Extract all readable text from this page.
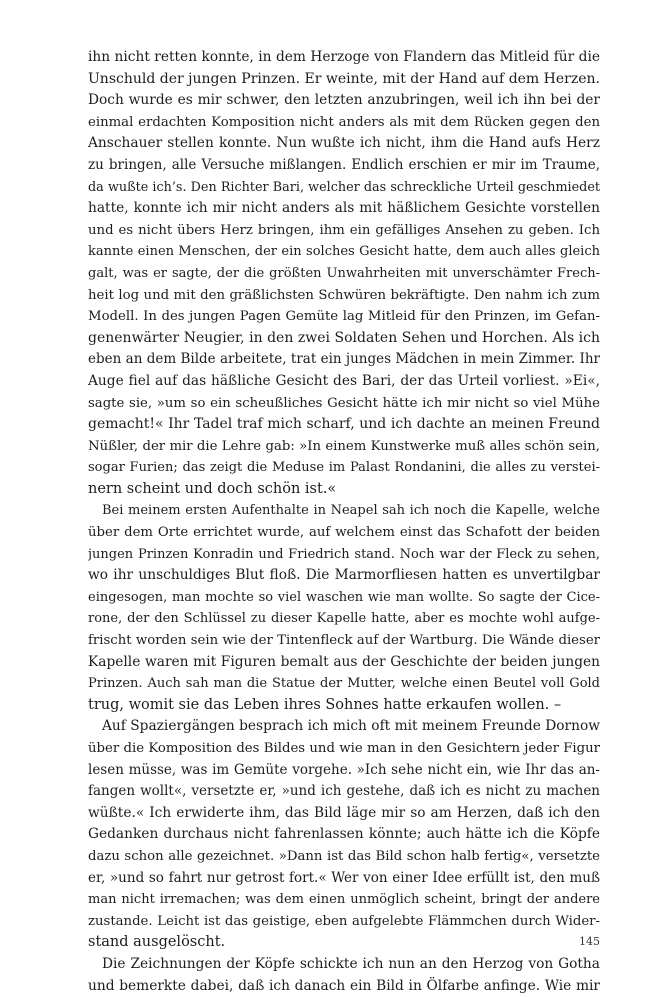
ihn nicht retten konnte, in dem Herzoge von Flandern das Mitleid für die
Unschuld der jungen Prinzen. Er weinte, mit der Hand auf dem Herzen.
Doch wurde es mir schwer, den letzten anzubringen, weil ich ihn bei der
einmal erdachten Komposition nicht anders als mit dem Rücken gegen den
Anschauer stellen konnte. Nun wußte ich nicht, ihm die Hand aufs Herz
zu bringen, alle Versuche mißlangen. Endlich erschien er mir im Traume,
da wußte ich’s. Den Richter Bari, welcher das schreckliche Urteil geschmiedet
hatte, konnte ich mir nicht anders als mit häßlichem Gesichte vorstellen
und es nicht übers Herz bringen, ihm ein gefälliges Ansehen zu geben. Ich
kannte einen Menschen, der ein solches Gesicht hatte, dem auch alles gleich
galt, was er sagte, der die größten Unwahrheiten mit unverschämter Frech-
heit log und mit den gräßlichsten Schwüren bekräftigte. Den nahm ich zum
Modell. In des jungen Pagen Gemüte lag Mitleid für den Prinzen, im Gefan-
genenwärter Neugier, in den zwei Soldaten Sehen und Horchen. Als ich
eben an dem Bilde arbeitete, trat ein junges Mädchen in mein Zimmer. Ihr
Auge fiel auf das häßliche Gesicht des Bari, der das Urteil vorliest. »Ei«,
sagte sie, »um so ein scheußliches Gesicht hätte ich mir nicht so viel Mühe
gemacht!« Ihr Tadel traf mich scharf, und ich dachte an meinen Freund
Nüßler, der mir die Lehre gab: »In einem Kunstwerke muß alles schön sein,
sogar Furien; das zeigt die Meduse im Palast Rondanini, die alles zu verstei-
nern scheint und doch schön ist.«
Bei meinem ersten Aufenthalte in Neapel sah ich noch die Kapelle, welche
über dem Orte errichtet wurde, auf welchem einst das Schafott der beiden
jungen Prinzen Konradin und Friedrich stand. Noch war der Fleck zu sehen,
wo ihr unschuldiges Blut floß. Die Marmorfliesen hatten es unvertilgbar
eingesogen, man mochte so viel waschen wie man wollte. So sagte der Cice-
rone, der den Schlüssel zu dieser Kapelle hatte, aber es mochte wohl aufge-
frischt worden sein wie der Tintenfleck auf der Wartburg. Die Wände dieser
Kapelle waren mit Figuren bemalt aus der Geschichte der beiden jungen
Prinzen. Auch sah man die Statue der Mutter, welche einen Beutel voll Gold
trug, womit sie das Leben ihres Sohnes hatte erkaufen wollen. –
Auf Spaziergängen besprach ich mich oft mit meinem Freunde Dornow
über die Komposition des Bildes und wie man in den Gesichtern jeder Figur
lesen müsse, was im Gemüte vorgehe. »Ich sehe nicht ein, wie Ihr das an-
fangen wollt«, versetzte er, »und ich gestehe, daß ich es nicht zu machen
wüßte.« Ich erwiderte ihm, das Bild läge mir so am Herzen, daß ich den
Gedanken durchaus nicht fahrenlassen könnte; auch hätte ich die Köpfe
dazu schon alle gezeichnet. »Dann ist das Bild schon halb fertig«, versetzte
er, »und so fahrt nur getrost fort.« Wer von einer Idee erfüllt ist, den muß
man nicht irremachen; was dem einen unmöglich scheint, bringt der andere
zustande. Leicht ist das geistige, eben aufgelebte Flämmchen durch Wider-
stand ausgelöscht.
Die Zeichnungen der Köpfe schickte ich nun an den Herzog von Gotha
und bemerkte dabei, daß ich danach ein Bild in Ölfarbe anfinge. Wie mir
145
